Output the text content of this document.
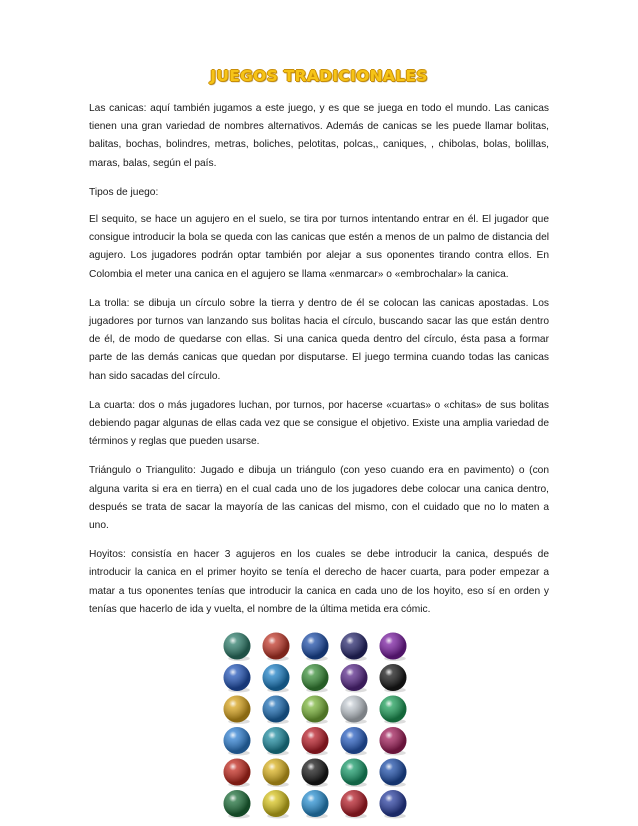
JUEGOS TRADICIONALES

Las canicas: aquí también jugamos a este juego, y es que se juega en todo el mundo. Las canicas tienen una gran variedad de nombres alternativos. Además de canicas se les puede llamar bolitas, balitas, bochas, bolindres, metras, boliches, pelotitas, polcas,, caniques, , chibolas, bolas, bolillas, maras, balas, según el país.

Tipos de juego:

El sequito, se hace un agujero en el suelo, se tira por turnos intentando entrar en él. El jugador que consigue introducir la bola se queda con las canicas que estén a menos de un palmo de distancia del agujero. Los jugadores podrán optar también por alejar a sus oponentes tirando contra ellos. En Colombia el meter una canica en el agujero se llama «enmarcar» o «embrochalar» la canica.

La trolla: se dibuja un círculo sobre la tierra y dentro de él se colocan las canicas apostadas. Los jugadores por turnos van lanzando sus bolitas hacia el círculo, buscando sacar las que están dentro de él, de modo de quedarse con ellas. Si una canica queda dentro del círculo, ésta pasa a formar parte de las demás canicas que quedan por disputarse. El juego termina cuando todas las canicas han sido sacadas del círculo.

La cuarta: dos o más jugadores luchan, por turnos, por hacerse «cuartas» o «chitas» de sus bolitas debiendo pagar algunas de ellas cada vez que se consigue el objetivo. Existe una amplia variedad de términos y reglas que pueden usarse.

Triángulo o Triangulito: Jugado e dibuja un triángulo (con yeso cuando era en pavimento) o (con alguna varita si era en tierra) en el cual cada uno de los jugadores debe colocar una canica dentro, después se trata de sacar la mayoría de las canicas del mismo, con el cuidado que no lo maten a uno.

Hoyitos: consistía en hacer 3 agujeros en los cuales se debe introducir la canica, después de introducir la canica en el primer hoyito se tenía el derecho de hacer cuarta, para poder empezar a matar a tus oponentes tenías que introducir la canica en cada uno de los hoyito, eso sí en orden y tenías que hacerlo de ida y vuelta, el nombre de la última metida era cómic.
